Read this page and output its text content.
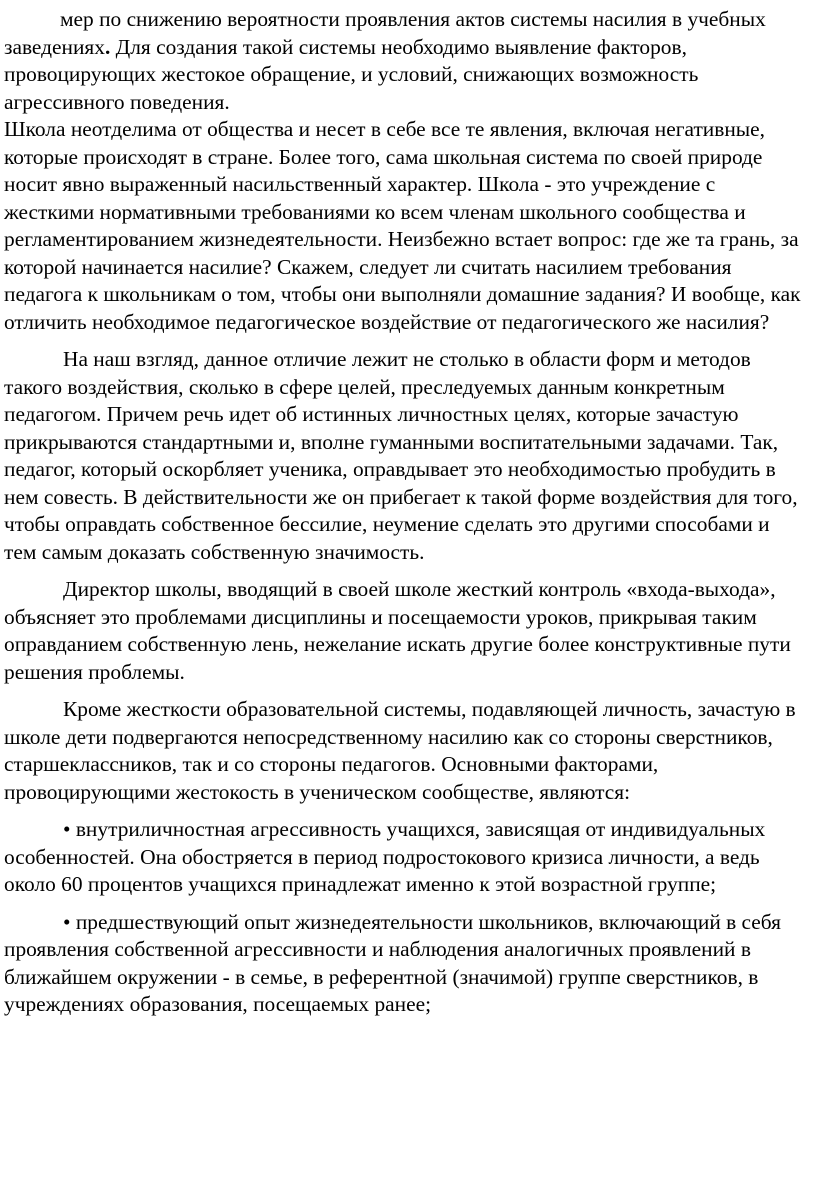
мер по снижению вероятности проявления актов системы насилия в учебных заведениях. Для создания такой системы необходимо выявление факторов, провоцирующих жестокое обращение, и условий, снижающих возможность агрессивного поведения.

Школа неотделима от общества и несет в себе все те явления, включая негативные, которые происходят в стране. Более того, сама школьная система по своей природе носит явно выраженный насильственный характер. Школа - это учреждение с жесткими нормативными требованиями ко всем членам школьного сообщества и регламентированием жизнедеятельности. Неизбежно встает вопрос: где же та грань, за которой начинается насилие? Скажем, следует ли считать насилием требования педагога к школьникам о том, чтобы они выполняли домашние задания? И вообще, как отличить необходимое педагогическое воздействие от педагогического же насилия?

На наш взгляд, данное отличие лежит не столько в области форм и методов такого воздействия, сколько в сфере целей, преследуемых данным конкретным педагогом. Причем речь идет об истинных личностных целях, которые зачастую прикрываются стандартными и, вполне гуманными воспитательными задачами. Так, педагог, который оскорбляет ученика, оправдывает это необходимостью пробудить в нем совесть. В действительности же он прибегает к такой форме воздействия для того, чтобы оправдать собственное бессилие, неумение сделать это другими способами и тем самым доказать собственную значимость.

Директор школы, вводящий в своей школе жесткий контроль «входа-выхода», объясняет это проблемами дисциплины и посещаемости уроков, прикрывая таким оправданием собственную лень, нежелание искать другие более конструктивные пути решения проблемы.

Кроме жесткости образовательной системы, подавляющей личность, зачастую в школе дети подвергаются непосредственному насилию как со стороны сверстников, старшеклассников, так и со стороны педагогов. Основными факторами, провоцирующими жестокость в ученическом сообществе, являются:

• внутриличностная агрессивность учащихся, зависящая от индивидуальных особенностей. Она обостряется в период подростокового кризиса личности, а ведь около 60 процентов учащихся принадлежат именно к этой возрастной группе;

• предшествующий опыт жизнедеятельности школьников, включающий в себя проявления собственной агрессивности и наблюдения аналогичных проявлений в ближайшем окружении - в семье, в референтной (значимой) группе сверстников, в учреждениях образования, посещаемых ранее;
